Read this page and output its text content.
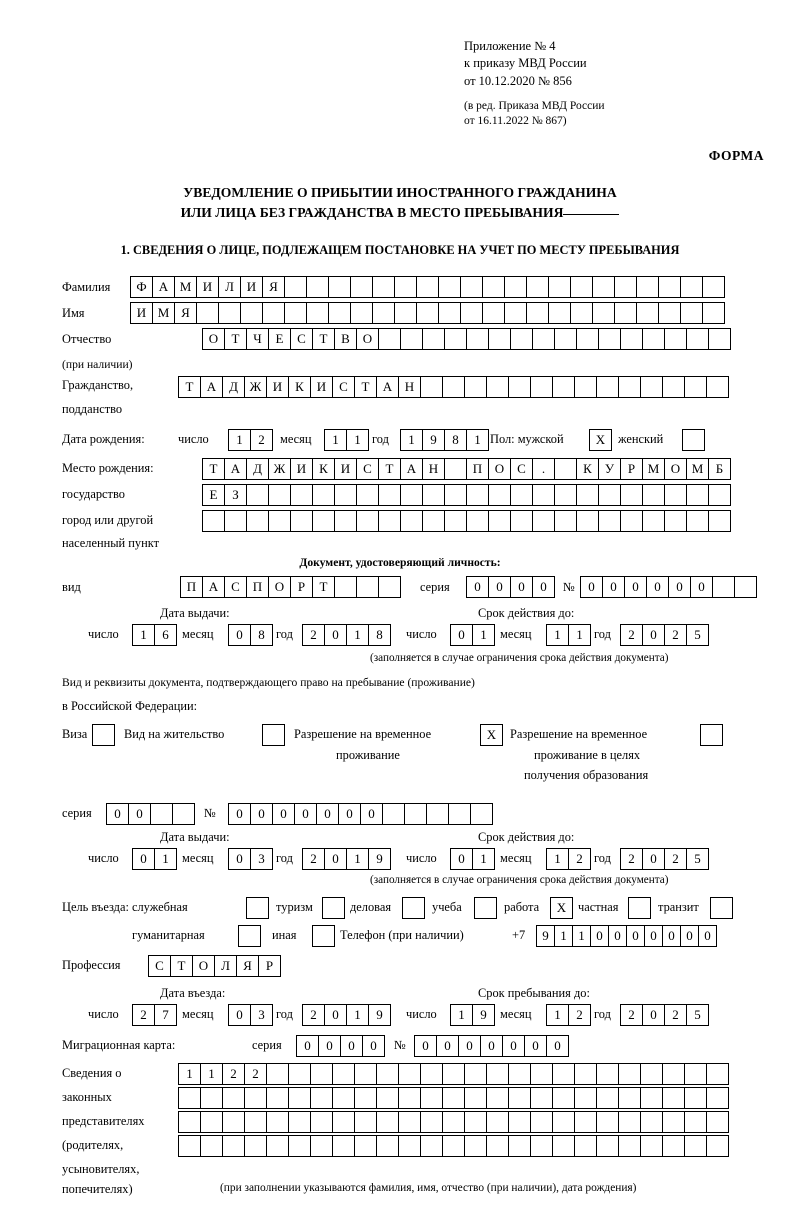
Приложение № 4
к приказу МВД России
от 10.12.2020 № 856
(в ред. Приказа МВД России
от 16.11.2022 № 867)
ФОРМА
УВЕДОМЛЕНИЕ О ПРИБЫТИИ ИНОСТРАННОГО ГРАЖДАНИНА
ИЛИ ЛИЦА БЕЗ ГРАЖДАНСТВА В МЕСТО ПРЕБЫВАНИЯ
1. СВЕДЕНИЯ О ЛИЦЕ, ПОДЛЕЖАЩЕМ ПОСТАНОВКЕ НА УЧЕТ ПО МЕСТУ ПРЕБЫВАНИЯ
Фамилия	Ф А М И Л И Я
Имя	И М Я
Отчество	О	Т	Ч	Е	С	Т	В О
(при наличии)
Гражданство,	Т	А Д Ж И К И С	Т	А Н
подданство
Дата рождения:	число	1	2	месяц	1	1 год	1	9	8	1 Пол: мужской	X	женский
Место рождения:	Т	А Д Ж И К И С	Т	А Н	П О С	.	К	У	Р М О М Б
государство	Е	З
город или другой
населенный пункт
Документ, удостоверяющий личность:
вид	П А С П О	Р	Т	серия	0	0	0	0	№	0	0	0	0	0	0
Дата выдачи:	Срок действия до:
число	1	6	месяц	0	8 год	2	0	1	8	число	0	1	месяц	1	1 год	2	0	2	5
(заполняется в случае ограничения срока действия документа)
Вид и реквизиты документа, подтверждающего право на пребывание (проживание)
в Российской Федерации:
Виза	Вид на жительство	Разрешение на временное	X	Разрешение на временное
проживание	проживание в целях
получения образования
серия	0	0	№	0	0	0	0	0	0	0
Дата выдачи:	Срок действия до:
число	0	1	месяц	0	3 год	2	0	1	9	число	0	1	месяц	1	2 год	2	0	2	5
(заполняется в случае ограничения срока действия документа)
Цель въезда: служебная	туризм	деловая	учеба	работа	X частная	транзит
гуманитарная	иная	Телефон (при наличии)	+7	9 1 1 0 0 0 0 0 0 0
Профессия	С	Т	О Л	Я	Р
Дата въезда:	Срок пребывания до:
число	2	7	месяц	0	3 год	2	0	1	9	число	1	9	месяц	1	2 год	2	0	2	5
Миграционная карта:	серия	0	0	0	0	№	0	0	0	0	0	0	0
Сведения о	1	1	2	2
законных
представителях
(родителях,
усыновителях,
попечителях)	(при заполнении указываются фамилия, имя, отчество (при наличии), дата рождения)
